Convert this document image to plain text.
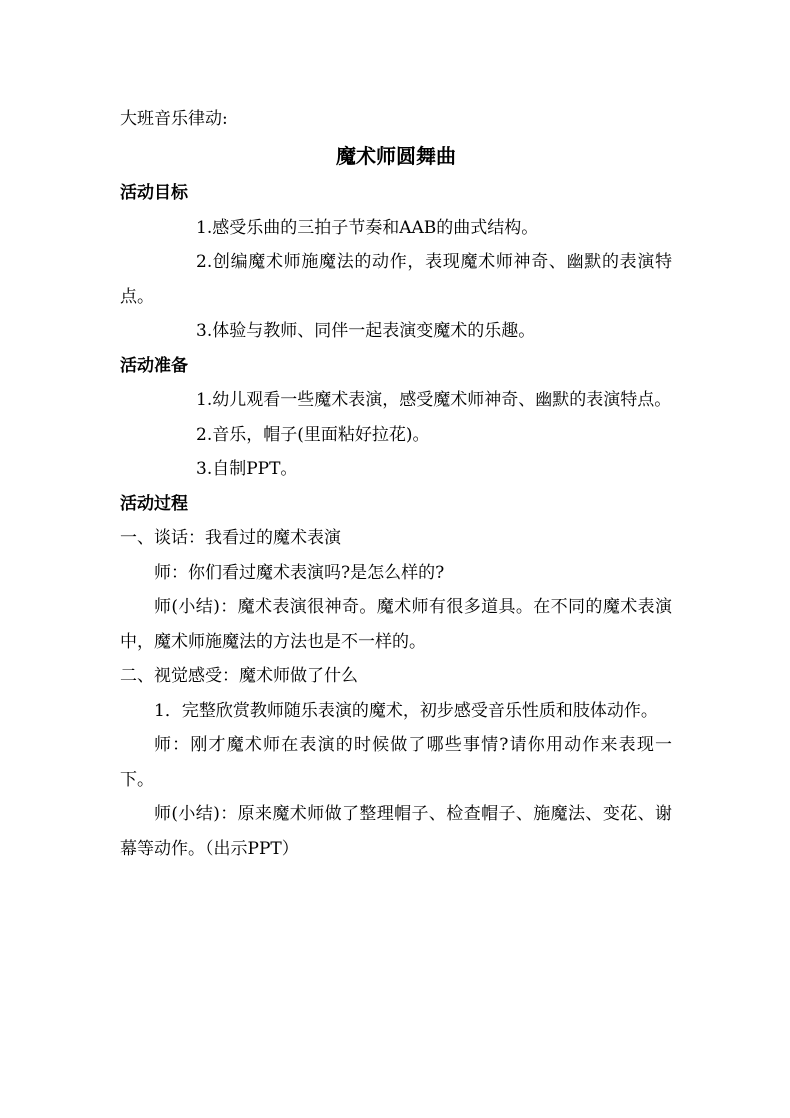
大班音乐律动:
魔术师圆舞曲
活动目标
1.感受乐曲的三拍子节奏和AAB的曲式结构。
2.创编魔术师施魔法的动作，表现魔术师神奇、幽默的表演特点。
3.体验与教师、同伴一起表演变魔术的乐趣。
活动准备
1.幼儿观看一些魔术表演，感受魔术师神奇、幽默的表演特点。
2.音乐，帽子(里面粘好拉花)。
3.自制PPT。
活动过程
一、谈话：我看过的魔术表演
师：你们看过魔术表演吗?是怎么样的?
师(小结)：魔术表演很神奇。魔术师有很多道具。在不同的魔术表演中，魔术师施魔法的方法也是不一样的。
二、视觉感受：魔术师做了什么
1．完整欣赏教师随乐表演的魔术，初步感受音乐性质和肢体动作。
师：刚才魔术师在表演的时候做了哪些事情?请你用动作来表现一下。
师(小结)：原来魔术师做了整理帽子、检查帽子、施魔法、变花、谢幕等动作。（出示PPT）
